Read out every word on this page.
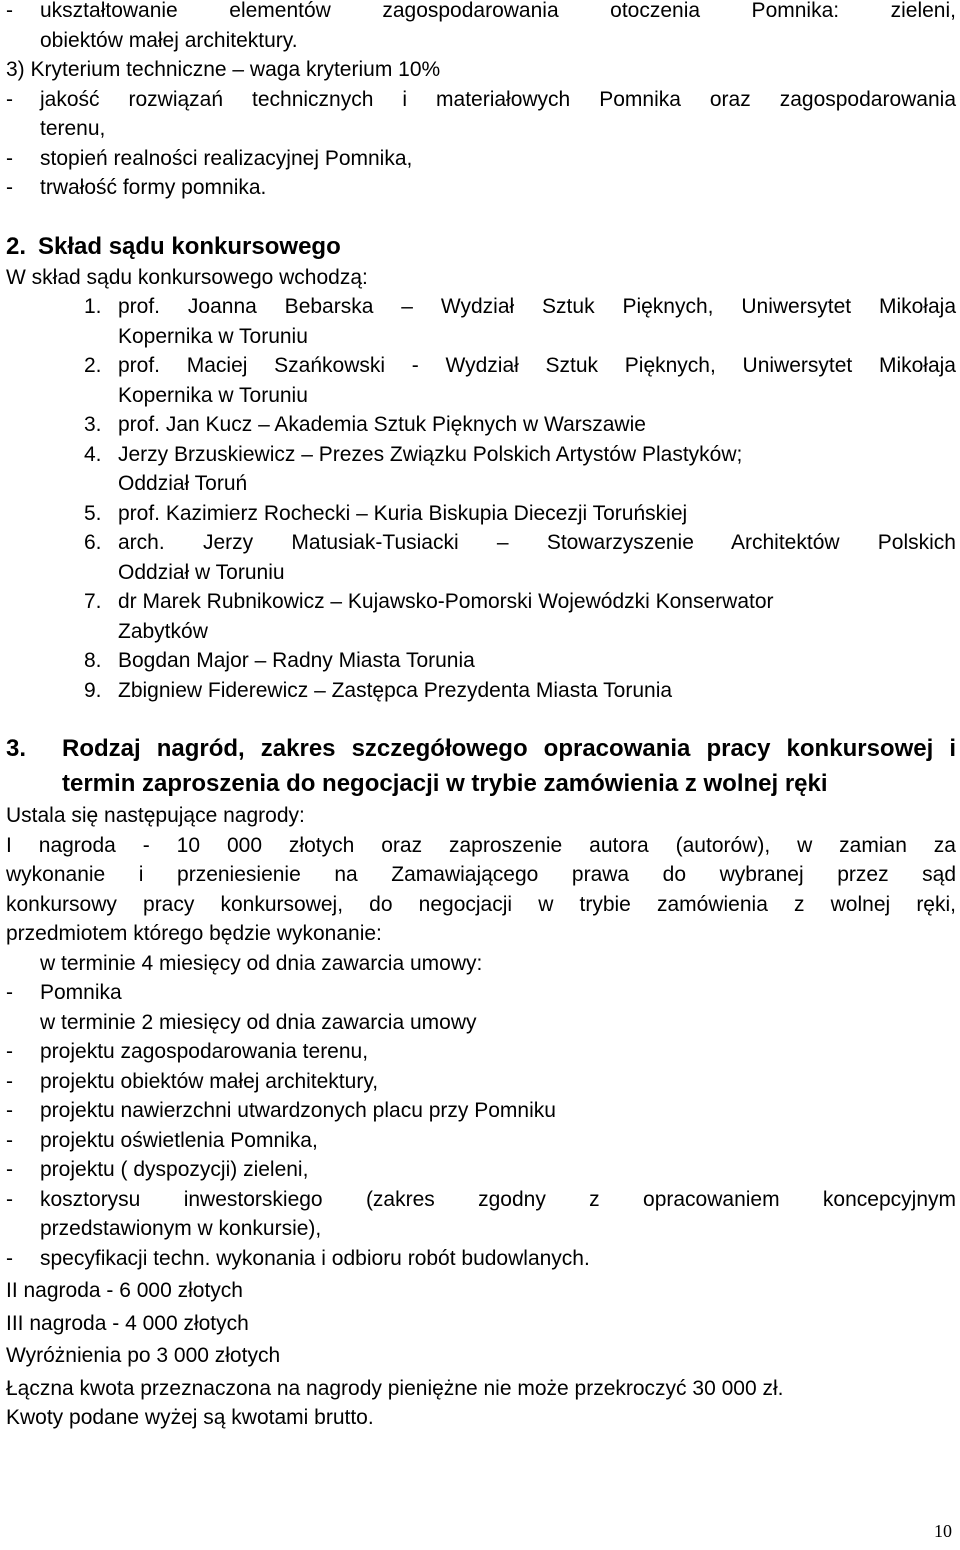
-	ukształtowanie elementów zagospodarowania otoczenia Pomnika: zieleni,
obiektów małej architektury.
3) Kryterium techniczne – waga kryterium 10%
-	jakość rozwiązań technicznych i materiałowych Pomnika oraz zagospodarowania
terenu,
-	stopień realności realizacyjnej Pomnika,
-	trwałość formy pomnika.
2. Skład sądu konkursowego
W skład sądu konkursowego wchodzą:
1. prof. Joanna Bebarska – Wydział Sztuk Pięknych, Uniwersytet Mikołaja
Kopernika w Toruniu
2. prof. Maciej Szańkowski - Wydział Sztuk Pięknych, Uniwersytet Mikołaja
Kopernika w Toruniu
3. prof. Jan Kucz – Akademia Sztuk Pięknych w Warszawie
4. Jerzy Brzuskiewicz – Prezes Związku Polskich Artystów Plastyków;
Oddział Toruń
5. prof. Kazimierz Rochecki – Kuria Biskupia Diecezji Toruńskiej
6. arch. Jerzy Matusiak-Tusiacki – Stowarzyszenie Architektów Polskich
Oddział w Toruniu
7. dr Marek Rubnikowicz – Kujawsko-Pomorski Wojewódzki Konserwator
Zabytków
8. Bogdan Major – Radny Miasta Torunia
9. Zbigniew Fiderewicz – Zastępca Prezydenta Miasta Torunia
3.	Rodzaj nagród, zakres szczegółowego opracowania pracy konkursowej i termin zaproszenia do negocjacji w trybie zamówienia z wolnej ręki
Ustala się następujące nagrody:
I nagroda - 10 000 złotych oraz zaproszenie autora (autorów), w zamian za
wykonanie i przeniesienie na Zamawiającego prawa do wybranej przez sąd
konkursowy pracy konkursowej, do negocjacji w trybie zamówienia z wolnej ręki,
przedmiotem którego będzie wykonanie:
w terminie 4 miesięcy od dnia zawarcia umowy:
-	Pomnika
w terminie 2 miesięcy od dnia zawarcia umowy
-	projektu zagospodarowania terenu,
-	projektu obiektów małej architektury,
-	projektu nawierzchni utwardzonych placu przy Pomniku
-	projektu oświetlenia Pomnika,
-	projektu ( dyspozycji) zieleni,
-	kosztorysu inwestorskiego (zakres zgodny z opracowaniem koncepcyjnym
przedstawionym w konkursie),
-	specyfikacji techn. wykonania i odbioru robót budowlanych.
II nagroda - 6 000 złotych
III nagroda - 4 000 złotych
Wyróżnienia po 3 000 złotych
Łączna kwota przeznaczona na nagrody pieniężne nie może przekroczyć 30 000 zł.
Kwoty podane wyżej są kwotami brutto.
10
